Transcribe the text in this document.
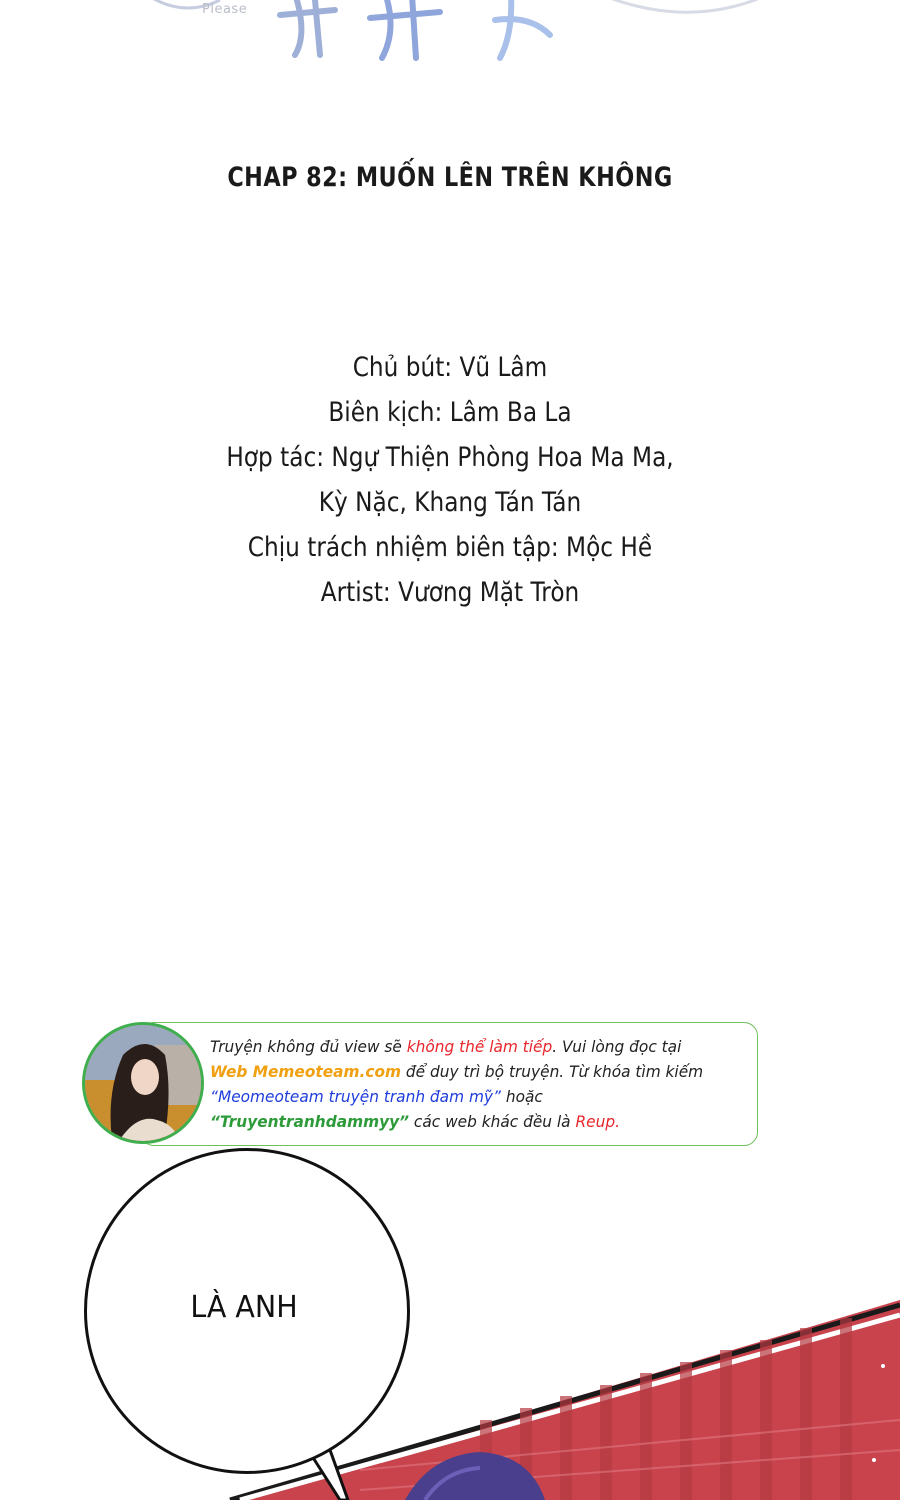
Please
CHAP 82: MUỐN LÊN TRÊN KHÔNG
Chủ bút: Vũ Lâm
Biên kịch: Lâm Ba La
Hợp tác: Ngự Thiện Phòng Hoa Ma Ma,
Kỳ Nặc, Khang Tán Tán
Chịu trách nhiệm biên tập: Mộc Hề
Artist: Vương Mặt Tròn
Truyện không đủ view sẽ không thể làm tiếp. Vui lòng đọc tại
Web Memeoteam.com để duy trì bộ truyện. Từ khóa tìm kiếm
“Meomeoteam truyện tranh đam mỹ” hoặc
“Truyentranhdammyy” các web khác đều là Reup.
LÀ ANH
